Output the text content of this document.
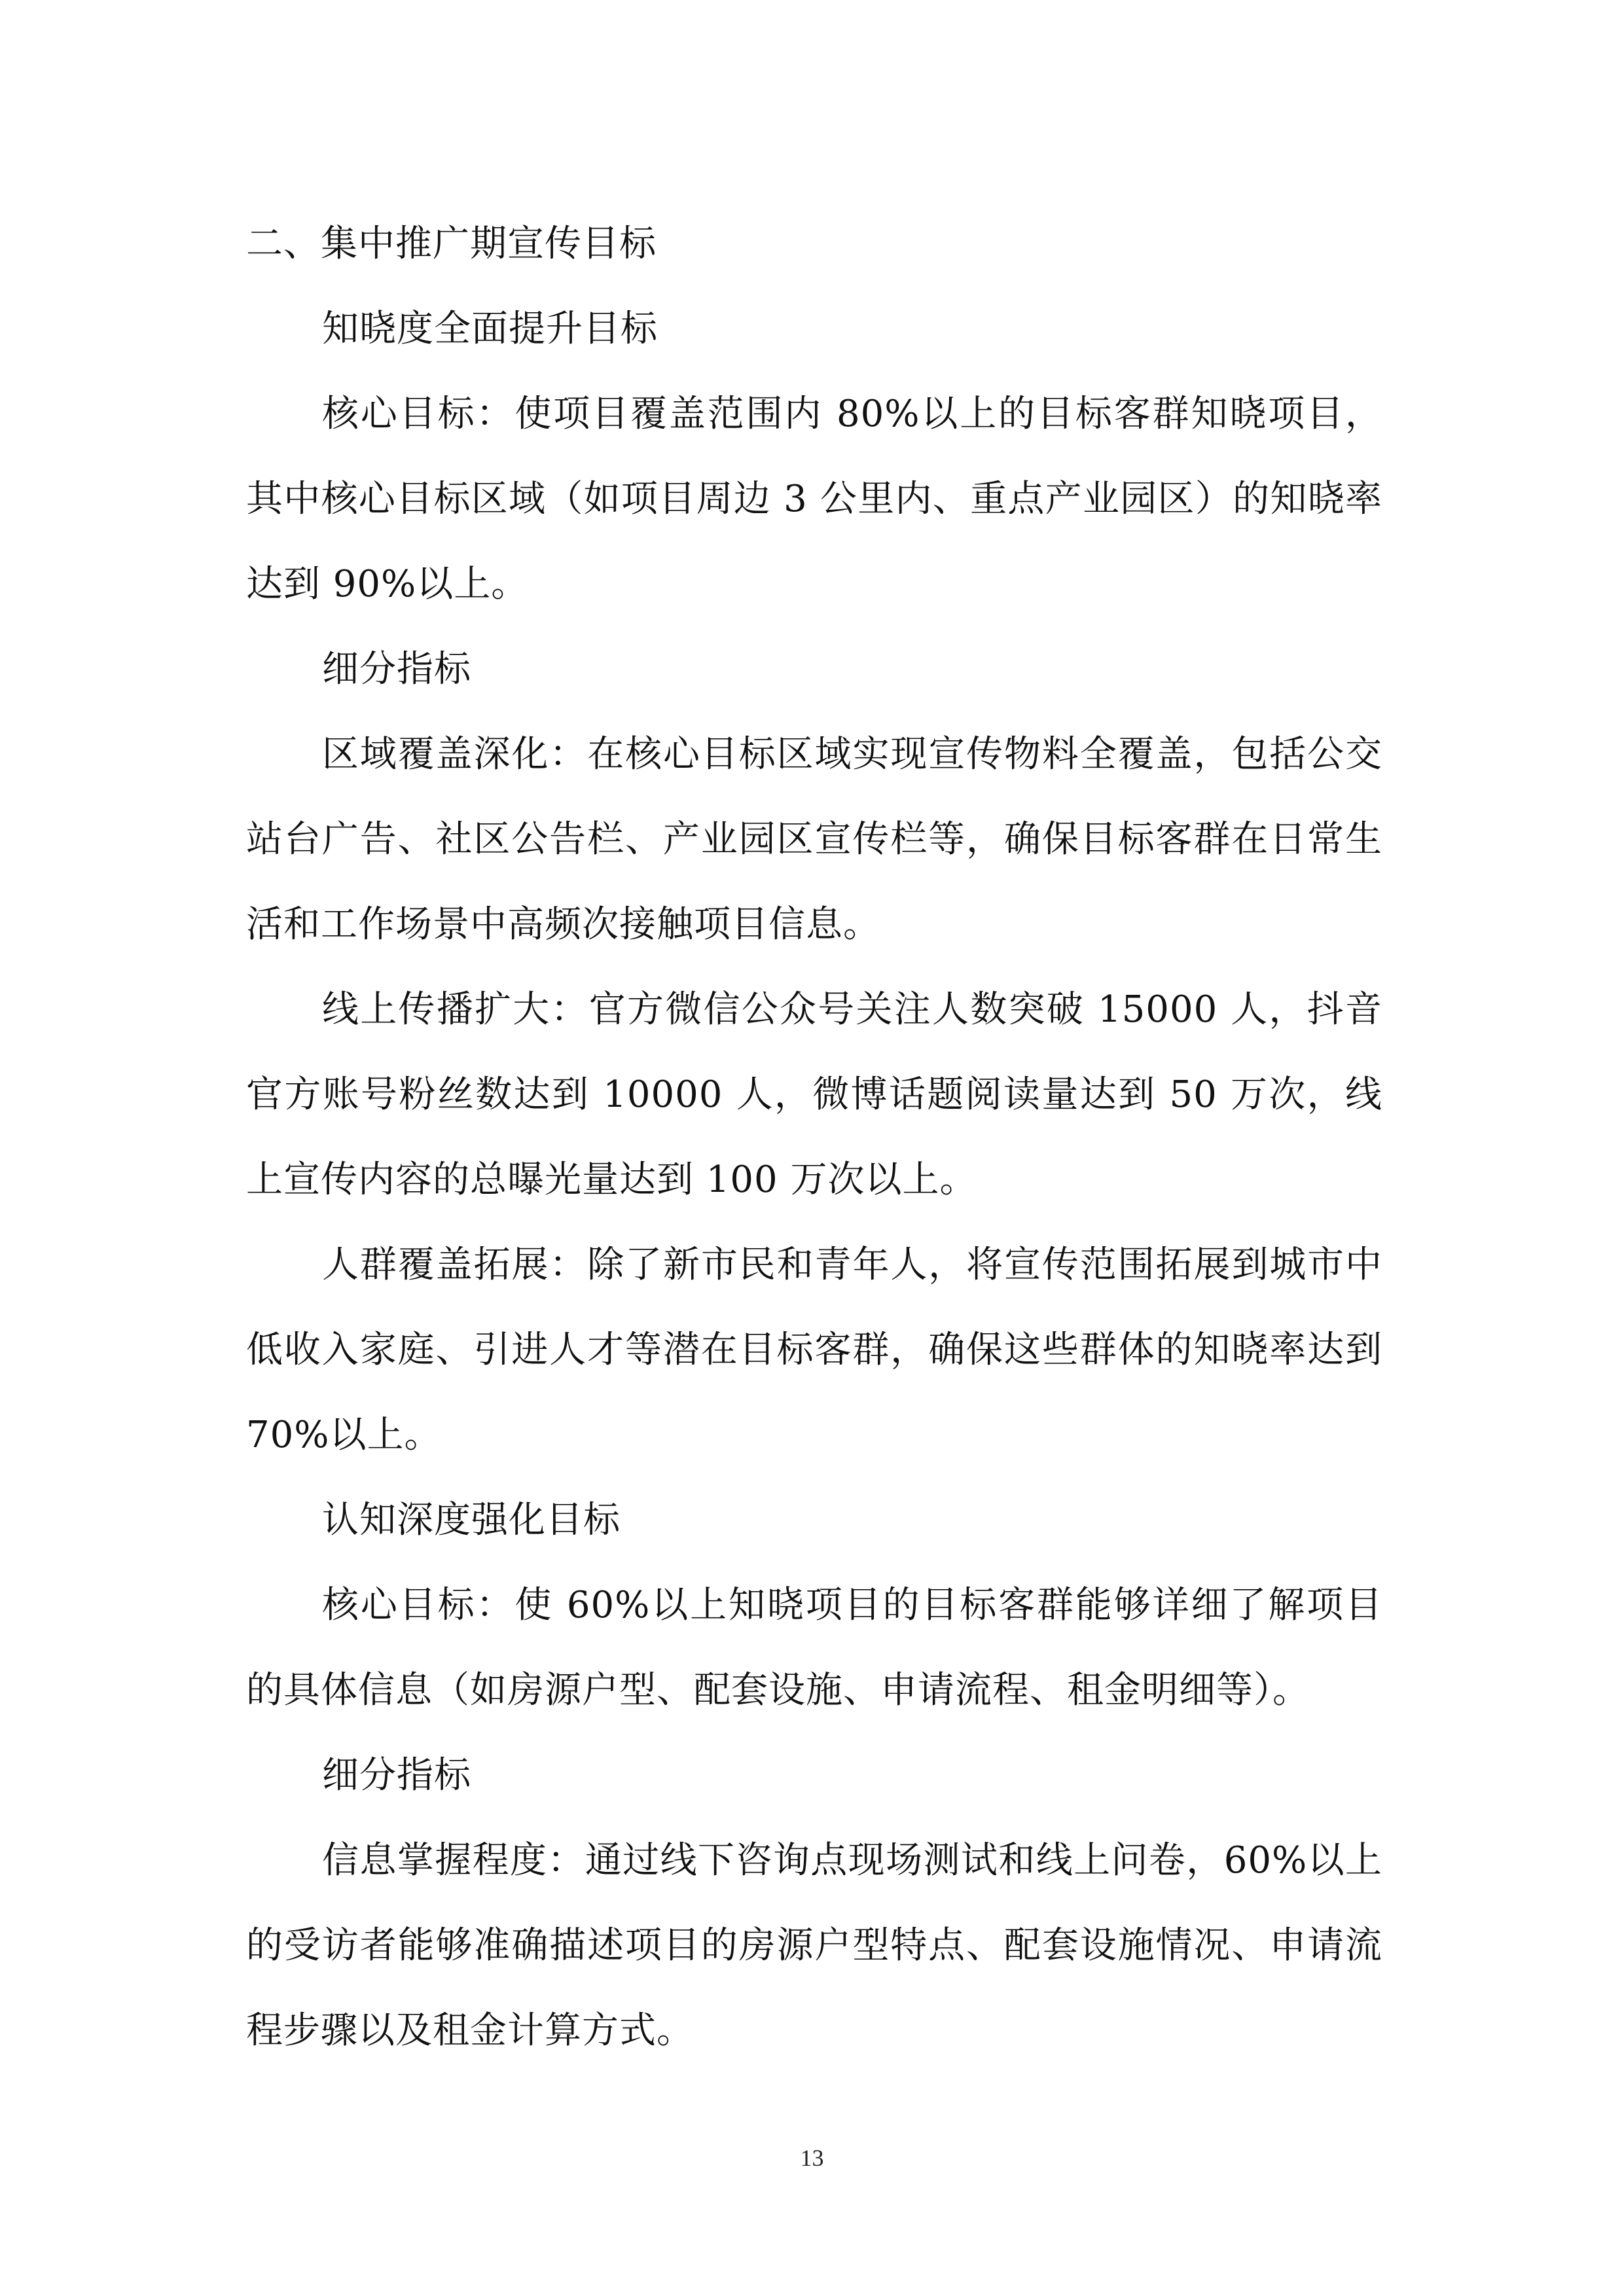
二、集中推广期宣传目标

知晓度全面提升目标

核心目标：使项目覆盖范围内 80%以上的目标客群知晓项目，其中核心目标区域（如项目周边 3 公里内、重点产业园区）的知晓率达到 90%以上。

细分指标

区域覆盖深化：在核心目标区域实现宣传物料全覆盖，包括公交站台广告、社区公告栏、产业园区宣传栏等，确保目标客群在日常生活和工作场景中高频次接触项目信息。

线上传播扩大：官方微信公众号关注人数突破 15000 人，抖音官方账号粉丝数达到 10000 人，微博话题阅读量达到 50 万次，线上宣传内容的总曝光量达到 100 万次以上。

人群覆盖拓展：除了新市民和青年人，将宣传范围拓展到城市中低收入家庭、引进人才等潜在目标客群，确保这些群体的知晓率达到 70%以上。

认知深度强化目标

核心目标：使 60%以上知晓项目的目标客群能够详细了解项目的具体信息（如房源户型、配套设施、申请流程、租金明细等）。

细分指标

信息掌握程度：通过线下咨询点现场测试和线上问卷，60%以上的受访者能够准确描述项目的房源户型特点、配套设施情况、申请流程步骤以及租金计算方式。

13
